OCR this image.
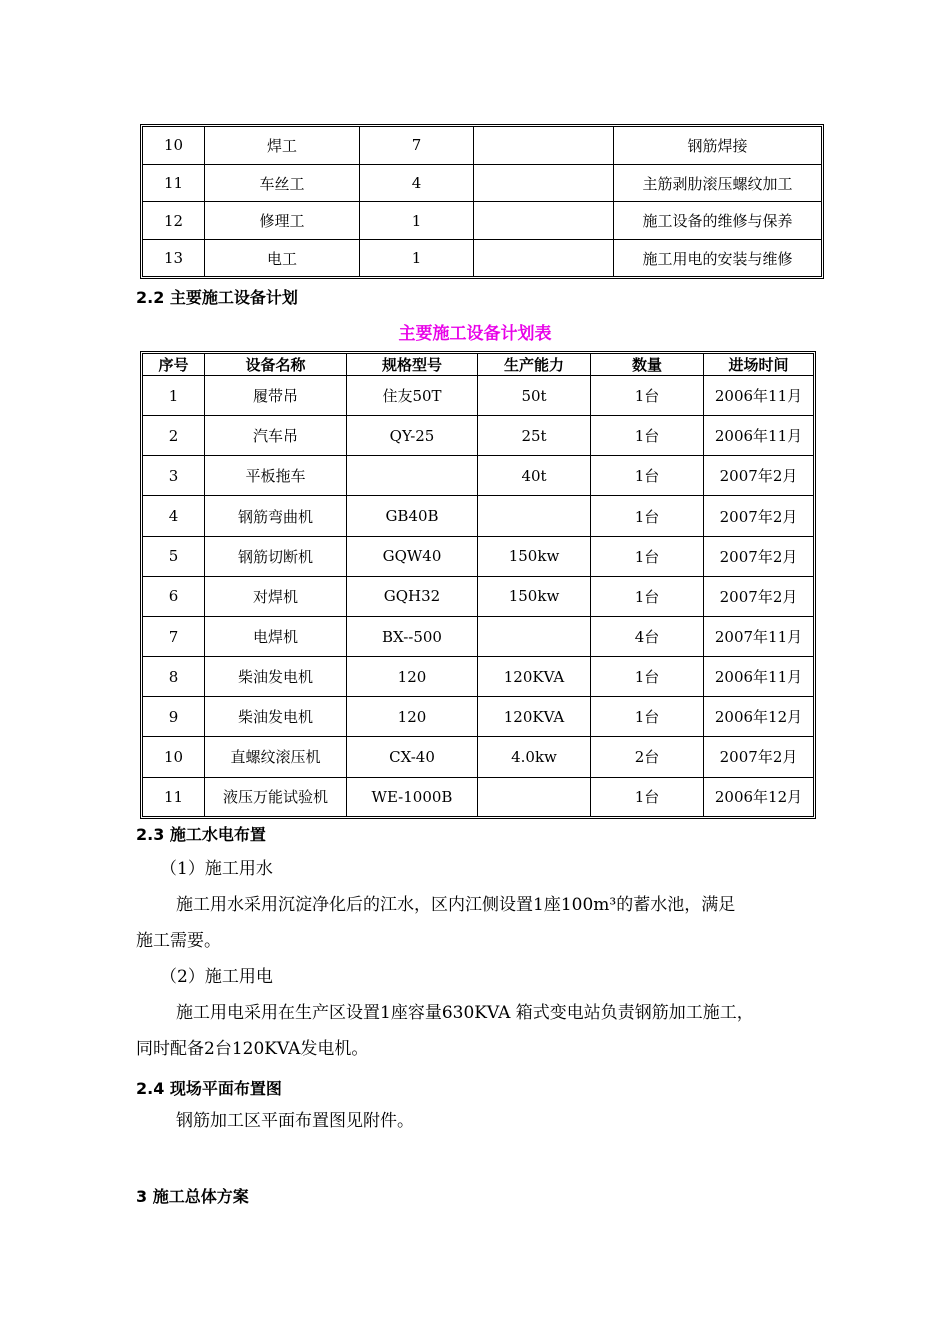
10	焊工	7		钢筋焊接
11	车丝工	4		主筋剥肋滚压螺纹加工
12	修理工	1		施工设备的维修与保养
13	电工	1		施工用电的安装与维修
2.2 主要施工设备计划
主要施工设备计划表
序号	设备名称	规格型号	生产能力	数量	进场时间
1	履带吊	住友50T	50t	1台	2006年11月
2	汽车吊	QY-25	25t	1台	2006年11月
3	平板拖车		40t	1台	2007年2月
4	钢筋弯曲机	GB40B		1台	2007年2月
5	钢筋切断机	GQW40	150kw	1台	2007年2月
6	对焊机	GQH32	150kw	1台	2007年2月
7	电焊机	BX--500		4台	2007年11月
8	柴油发电机	120	120KVA	1台	2006年11月
9	柴油发电机	120	120KVA	1台	2006年12月
10	直螺纹滚压机	CX-40	4.0kw	2台	2007年2月
11	液压万能试验机	WE-1000B		1台	2006年12月
2.3 施工水电布置
（1）施工用水
施工用水采用沉淀净化后的江水，区内江侧设置1座100m³的蓄水池，满足
施工需要。
（2）施工用电
施工用电采用在生产区设置1座容量630KVA 箱式变电站负责钢筋加工施工，
同时配备2台120KVA发电机。
2.4 现场平面布置图
钢筋加工区平面布置图见附件。
3 施工总体方案
